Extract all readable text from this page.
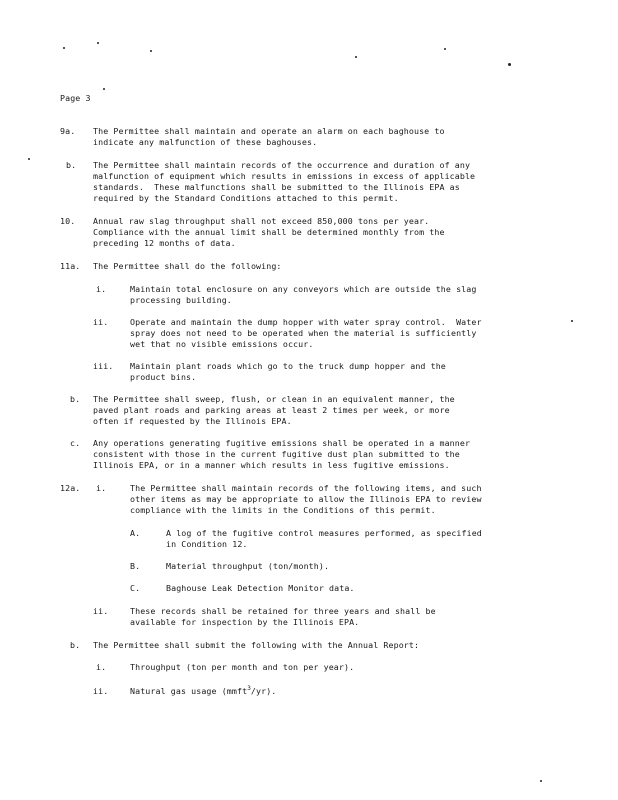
Page 3
9a. The Permittee shall maintain and operate an alarm on each baghouse to
indicate any malfunction of these baghouses.
b. The Permittee shall maintain records of the occurrence and duration of any
malfunction of equipment which results in emissions in excess of applicable
standards.  These malfunctions shall be submitted to the Illinois EPA as
required by the Standard Conditions attached to this permit.
10. Annual raw slag throughput shall not exceed 850,000 tons per year.
Compliance with the annual limit shall be determined monthly from the
preceding 12 months of data.
11a. The Permittee shall do the following:
i.	Maintain total enclosure on any conveyors which are outside the slag
processing building.
ii.	Operate and maintain the dump hopper with water spray control.  Water
spray does not need to be operated when the material is sufficiently
wet that no visible emissions occur.
iii. Maintain plant roads which go to the truck dump hopper and the
product bins.
b. The Permittee shall sweep, flush, or clean in an equivalent manner, the
paved plant roads and parking areas at least 2 times per week, or more
often if requested by the Illinois EPA.
c. Any operations generating fugitive emissions shall be operated in a manner
consistent with those in the current fugitive dust plan submitted to the
Illinois EPA, or in a manner which results in less fugitive emissions.
12a. i.	The Permittee shall maintain records of the following items, and such
other items as may be appropriate to allow the Illinois EPA to review
compliance with the limits in the Conditions of this permit.
A.	A log of the fugitive control measures performed, as specified
in Condition 12.
B.	Material throughput (ton/month).
C.	Baghouse Leak Detection Monitor data.
ii.	These records shall be retained for three years and shall be
available for inspection by the Illinois EPA.
b. The Permittee shall submit the following with the Annual Report:
i.	Throughput (ton per month and ton per year).
ii.	Natural gas usage (mmft$^3$/yr).
